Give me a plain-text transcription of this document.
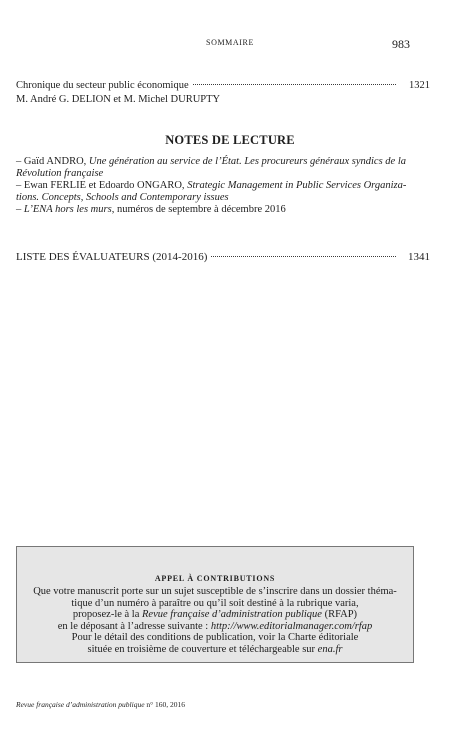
SOMMAIRE	983
Chronique du secteur public économique	1321
M. André G. DELION et M. Michel DURUPTY
NOTES DE LECTURE
– Gaïd ANDRO, Une génération au service de l’État. Les procureurs généraux syndics de la
Révolution française
– Ewan FERLIE et Edoardo ONGARO, Strategic Management in Public Services Organiza-
tions. Concepts, Schools and Contemporary issues
– L’ENA hors les murs, numéros de septembre à décembre 2016
LISTE DES ÉVALUATEURS (2014-2016)	1341
APPEL À CONTRIBUTIONS
Que votre manuscrit porte sur un sujet susceptible de s’inscrire dans un dossier théma-
tique d’un numéro à paraître ou qu’il soit destiné à la rubrique varia,
proposez-le à la Revue française d’administration publique (RFAP)
en le déposant à l’adresse suivante : http://www.editorialmanager.com/rfap
Pour le détail des conditions de publication, voir la Charte éditoriale
située en troisième de couverture et téléchargeable sur ena.fr
Revue française d’administration publique n° 160, 2016
